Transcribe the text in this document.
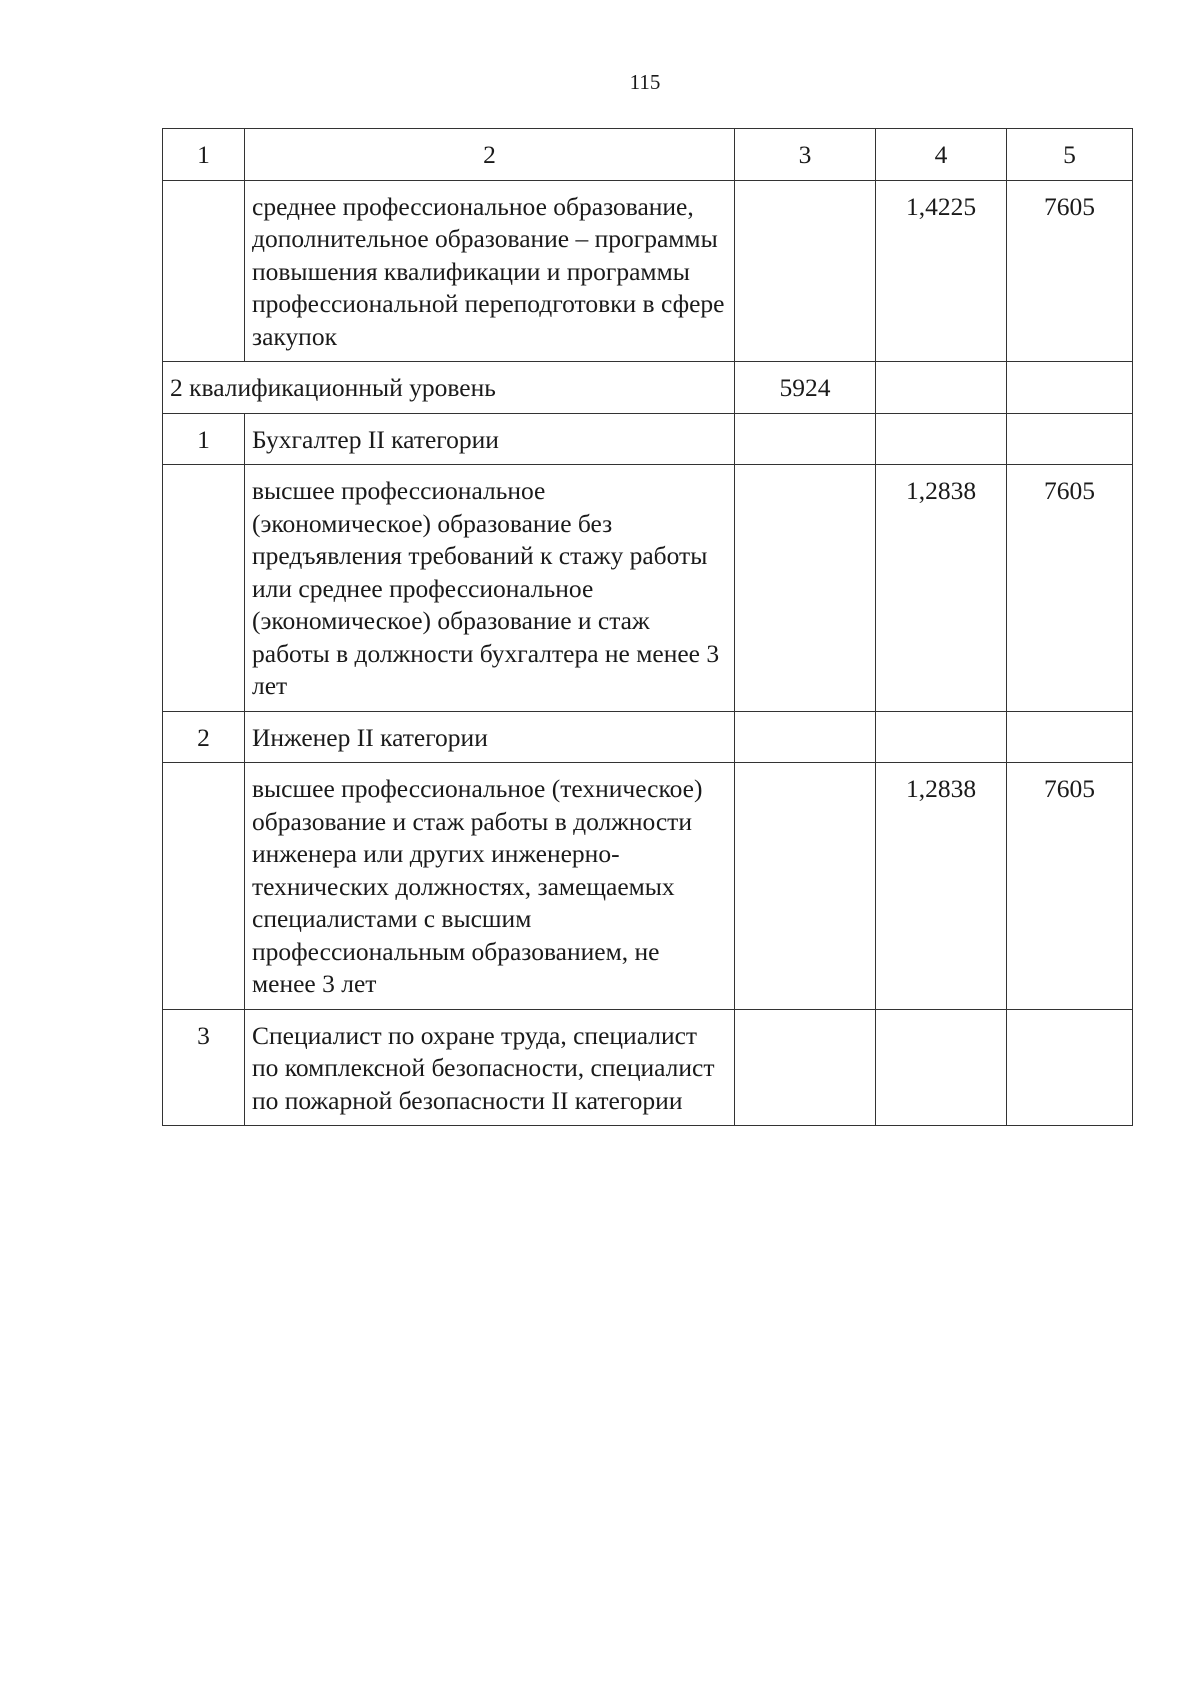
115
1	2	3	4	5
	среднее профессиональное образование, дополнительное образование – программы повышения квалификации и программы профессиональной переподготовки в сфере закупок		1,4225	7605
2 квалификационный уровень		5924		
1	Бухгалтер II категории			
	высшее профессиональное (экономическое) образование без предъявления требований к стажу работы или среднее профессиональное (экономическое) образование и стаж работы в должности бухгалтера не менее 3 лет		1,2838	7605
2	Инженер II категории			
	высшее профессиональное (техническое) образование и стаж работы в должности инженера или других инженерно-технических должностях, замещаемых специалистами с высшим профессиональным образованием, не менее 3 лет		1,2838	7605
3	Специалист по охране труда, специалист по комплексной безопасности, специалист по пожарной безопасности II категории			
